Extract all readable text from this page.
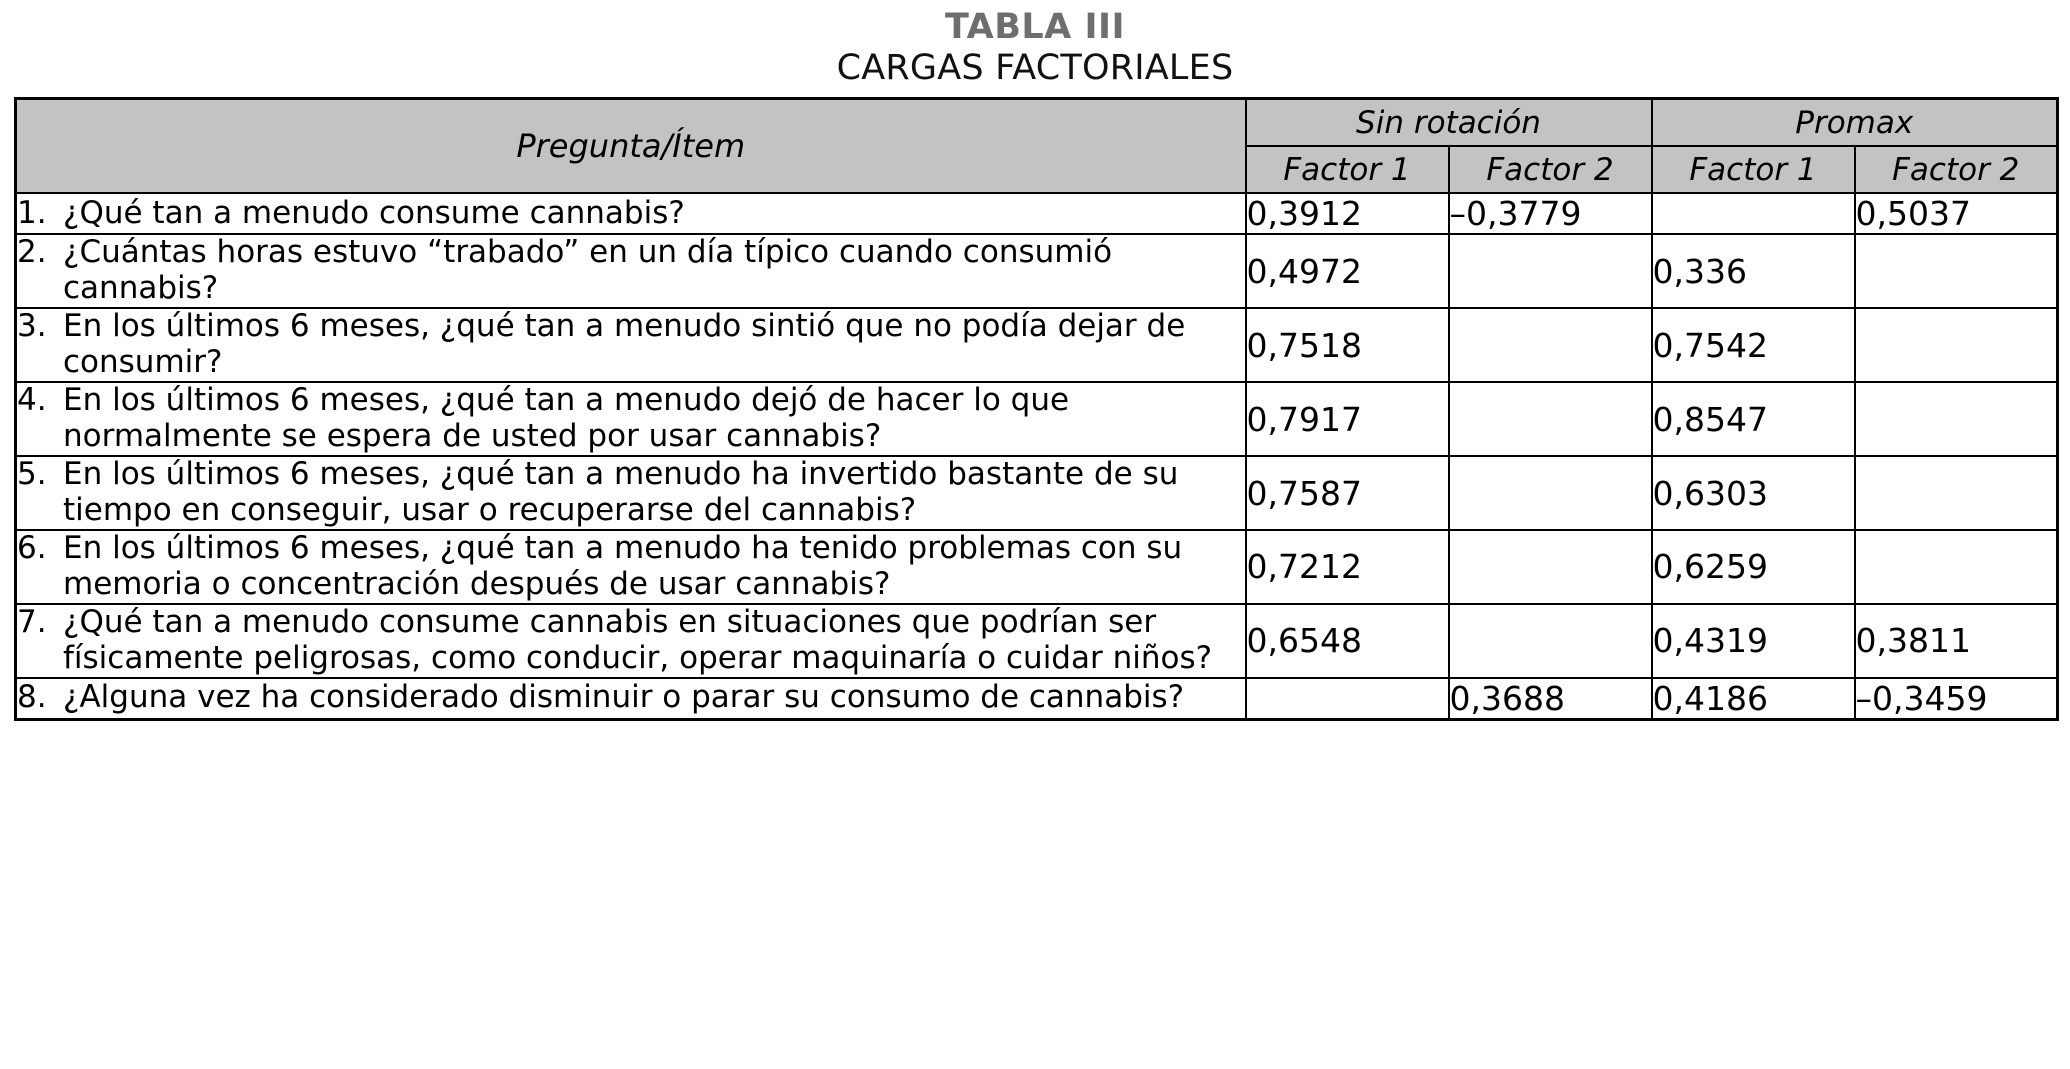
TABLA III
CARGAS FACTORIALES
Pregunta/Ítem	Sin rotación		Promax	
	Factor 1	Factor 2	Factor 1	Factor 2

1. ¿Qué tan a menudo consume cannabis?	0,3912	–0,3779		0,5037

2. ¿Cuántas horas estuvo “trabado” en un día típico cuando consumió cannabis?	0,4972		0,336	

3. En los últimos 6 meses, ¿qué tan a menudo sintió que no podía dejar de consumir?	0,7518		0,7542	

4. En los últimos 6 meses, ¿qué tan a menudo dejó de hacer lo que normalmente se espera de usted por usar cannabis?	0,7917		0,8547	

5. En los últimos 6 meses, ¿qué tan a menudo ha invertido bastante de su tiempo en conseguir, usar o recuperarse del cannabis?	0,7587		0,6303	

6. En los últimos 6 meses, ¿qué tan a menudo ha tenido problemas con su memoria o concentración después de usar cannabis?	0,7212		0,6259	

7. ¿Qué tan a menudo consume cannabis en situaciones que podrían ser físicamente peligrosas, como conducir, operar maquinaría o cuidar niños?	0,6548		0,4319	0,3811

8. ¿Alguna vez ha considerado disminuir o parar su consumo de cannabis?		0,3688	0,4186	–0,3459
